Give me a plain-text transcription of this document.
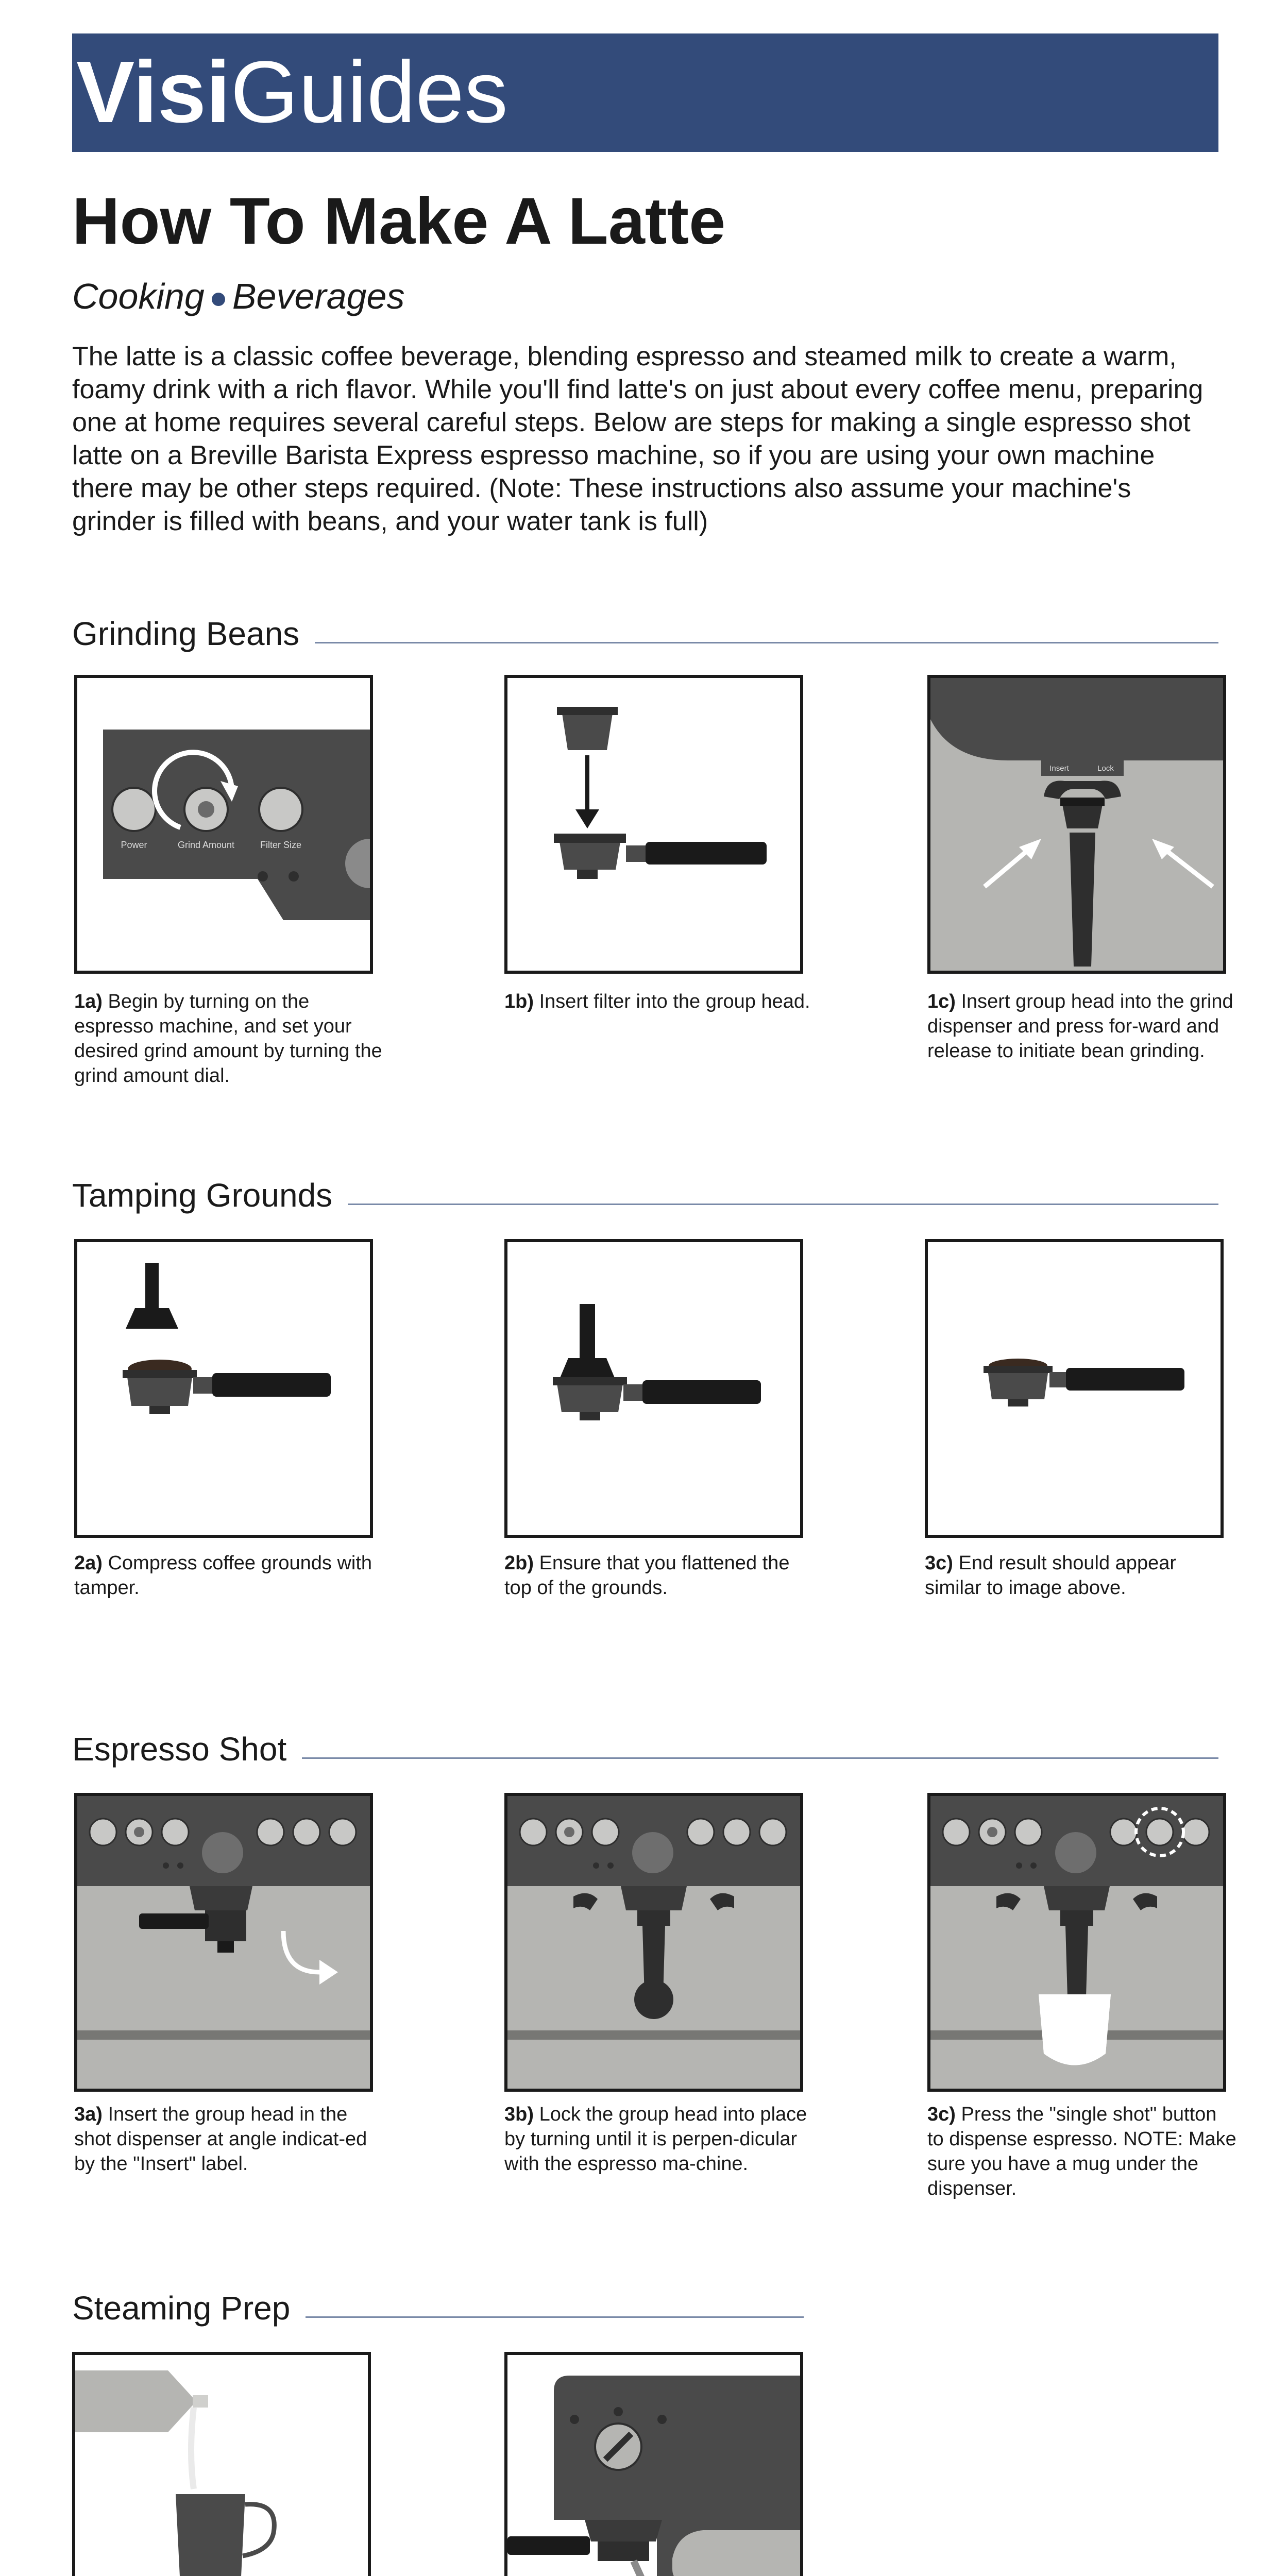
VisiGuides
How To Make A Latte
Cooking Beverages

The latte is a classic coffee beverage, blending espresso and steamed milk to create a warm, foamy drink with a rich flavor. While you'll find latte's on just about every coffee menu, preparing one at home requires several careful steps. Below are steps for making a single espresso shot latte on a Breville Barista Express espresso machine, so if you are using your own machine there may be other steps required. (Note: These instructions also assume your machine's grinder is filled with beans, and your water tank is full)

Grinding Beans
Power	Grind Amount	Filter Size

1a) Begin by turning on the espresso machine, and set your desired grind amount by turning the grind amount dial.

1b) Insert filter into the group head.

Insert	Lock

1c) Insert group head into the grind dispenser and press for-ward and release to initiate bean grinding.

Tamping Grounds

2a) Compress coffee grounds with tamper.

2b) Ensure that you flattened the top of the grounds.

3c) End result should appear similar to image above.

Espresso Shot

3a) Insert the group head in the shot dispenser at angle indicat-ed by the "Insert" label.

3b) Lock the group head into place by turning until it is perpen-dicular with the espresso ma-chine.

3c) Press the "single shot" button to dispense espresso. NOTE: Make sure you have a mug under the dispenser.

Steaming Prep
